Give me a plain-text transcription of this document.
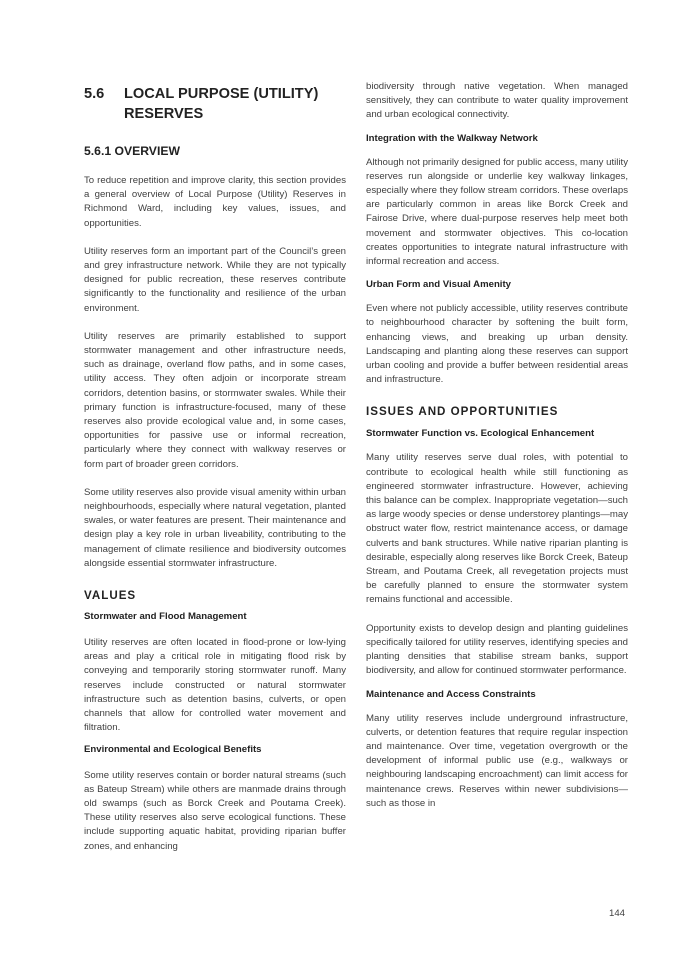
5.6	LOCAL PURPOSE (UTILITY) RESERVES
5.6.1 OVERVIEW

To reduce repetition and improve clarity, this section provides a general overview of Local Purpose (Utility) Reserves in Richmond Ward, including key values, issues, and opportunities.

Utility reserves form an important part of the Council’s green and grey infrastructure network. While they are not typically designed for public recreation, these reserves contribute significantly to the functionality and resilience of the urban environment.

Utility reserves are primarily established to support stormwater management and other infrastructure needs, such as drainage, overland flow paths, and in some cases, utility access. They often adjoin or incorporate stream corridors, detention basins, or stormwater swales. While their primary function is infrastructure-focused, many of these reserves also provide ecological value and, in some cases, opportunities for passive use or informal recreation, particularly where they connect with walkway reserves or form part of broader green corridors.

Some utility reserves also provide visual amenity within urban neighbourhoods, especially where natural vegetation, planted swales, or water features are present. Their maintenance and design play a key role in urban liveability, contributing to the management of climate resilience and biodiversity outcomes alongside essential stormwater infrastructure.

VALUES
Stormwater and Flood Management

Utility reserves are often located in flood-prone or low-lying areas and play a critical role in mitigating flood risk by conveying and temporarily storing stormwater runoff. Many reserves include constructed or natural stormwater infrastructure such as detention basins, culverts, or open channels that allow for controlled water movement and filtration.

Environmental and Ecological Benefits

Some utility reserves contain or border natural streams (such as Bateup Stream) while others are manmade drains through old swamps (such as Borck Creek and Poutama Creek). These utility reserves also serve ecological functions. These include supporting aquatic habitat, providing riparian buffer zones, and enhancing

biodiversity through native vegetation. When managed sensitively, they can contribute to water quality improvement and urban ecological connectivity.

Integration with the Walkway Network

Although not primarily designed for public access, many utility reserves run alongside or underlie key walkway linkages, especially where they follow stream corridors. These overlaps are particularly common in areas like Borck Creek and Fairose Drive, where dual-purpose reserves help meet both movement and stormwater objectives. This co-location creates opportunities to integrate natural infrastructure with informal recreation and access.

Urban Form and Visual Amenity

Even where not publicly accessible, utility reserves contribute to neighbourhood character by softening the built form, enhancing views, and breaking up urban density. Landscaping and planting along these reserves can support urban cooling and provide a buffer between residential areas and infrastructure.

ISSUES AND OPPORTUNITIES
Stormwater Function vs. Ecological Enhancement

Many utility reserves serve dual roles, with potential to contribute to ecological health while still functioning as engineered stormwater infrastructure. However, achieving this balance can be complex. Inappropriate vegetation—such as large woody species or dense understorey plantings—may obstruct water flow, restrict maintenance access, or damage culverts and bank structures. While native riparian planting is desirable, especially along reserves like Borck Creek, Bateup Stream, and Poutama Creek, all revegetation projects must be carefully planned to ensure the stormwater system remains functional and accessible.

Opportunity exists to develop design and planting guidelines specifically tailored for utility reserves, identifying species and planting densities that stabilise stream banks, support biodiversity, and allow for continued stormwater performance.

Maintenance and Access Constraints

Many utility reserves include underground infrastructure, culverts, or detention features that require regular inspection and maintenance. Over time, vegetation overgrowth or the development of informal public use (e.g., walkways or neighbouring landscaping encroachment) can limit access for maintenance crews. Reserves within newer subdivisions—such as those in

144
